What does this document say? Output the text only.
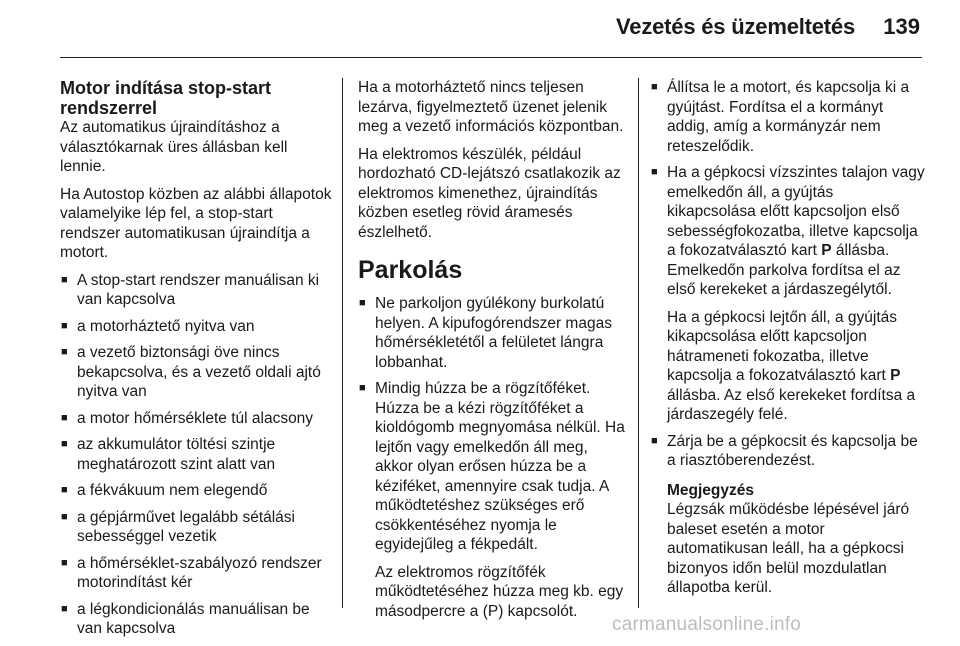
Vezetés és üzemeltetés 139
Motor indítása stop-start rendszerrel

Az automatikus újraindításhoz a választókarnak üres állásban kell lennie.

Ha Autostop közben az alábbi állapotok valamelyike lép fel, a stop-start rendszer automatikusan újraindítja a motort.

■ A stop-start rendszer manuálisan ki van kapcsolva
■ a motorháztető nyitva van
■ a vezető biztonsági öve nincs bekapcsolva, és a vezető oldali ajtó nyitva van
■ a motor hőmérséklete túl alacsony
■ az akkumulátor töltési szintje meghatározott szint alatt van
■ a fékvákuum nem elegendő
■ a gépjárművet legalább sétálási sebességgel vezetik
■ a hőmérséklet-szabályozó rendszer motorindítást kér
■ a légkondicionálás manuálisan be van kapcsolva

Ha a motorháztető nincs teljesen lezárva, figyelmeztető üzenet jelenik meg a vezető információs központban.

Ha elektromos készülék, például hordozható CD-lejátszó csatlakozik az elektromos kimenethez, újraindítás közben esetleg rövid áramesés észlelhető.

Parkolás
■ Ne parkoljon gyúlékony burkolatú helyen. A kipufogórendszer magas hőmérsékletétől a felületet lángra lobbanhat.
■ Mindig húzza be a rögzítőféket. Húzza be a kézi rögzítőféket a kioldógomb megnyomása nélkül. Ha lejtőn vagy emelkedőn áll meg, akkor olyan erősen húzza be a kéziféket, amennyire csak tudja. A működtetéshez szükséges erő csökkentéséhez nyomja le egyidejűleg a fékpedált.
Az elektromos rögzítőfék működtetéséhez húzza meg kb. egy másodpercre a (P) kapcsolót.
■ Állítsa le a motort, és kapcsolja ki a gyújtást. Fordítsa el a kormányt addig, amíg a kormányzár nem reteszelődik.
■ Ha a gépkocsi vízszintes talajon vagy emelkedőn áll, a gyújtás kikapcsolása előtt kapcsoljon első sebességfokozatba, illetve kapcsolja a fokozatválasztó kart P állásba. Emelkedőn parkolva fordítsa el az első kerekeket a járdaszegélytől.
Ha a gépkocsi lejtőn áll, a gyújtás kikapcsolása előtt kapcsoljon hátrameneti fokozatba, illetve kapcsolja a fokozatválasztó kart P állásba. Az első kerekeket fordítsa a járdaszegély felé.
■ Zárja be a gépkocsit és kapcsolja be a riasztóberendezést.
Megjegyzés
Légzsák működésbe lépésével járó baleset esetén a motor automatikusan leáll, ha a gépkocsi bizonyos időn belül mozdulatlan állapotba kerül.
carmanualsonline.info
